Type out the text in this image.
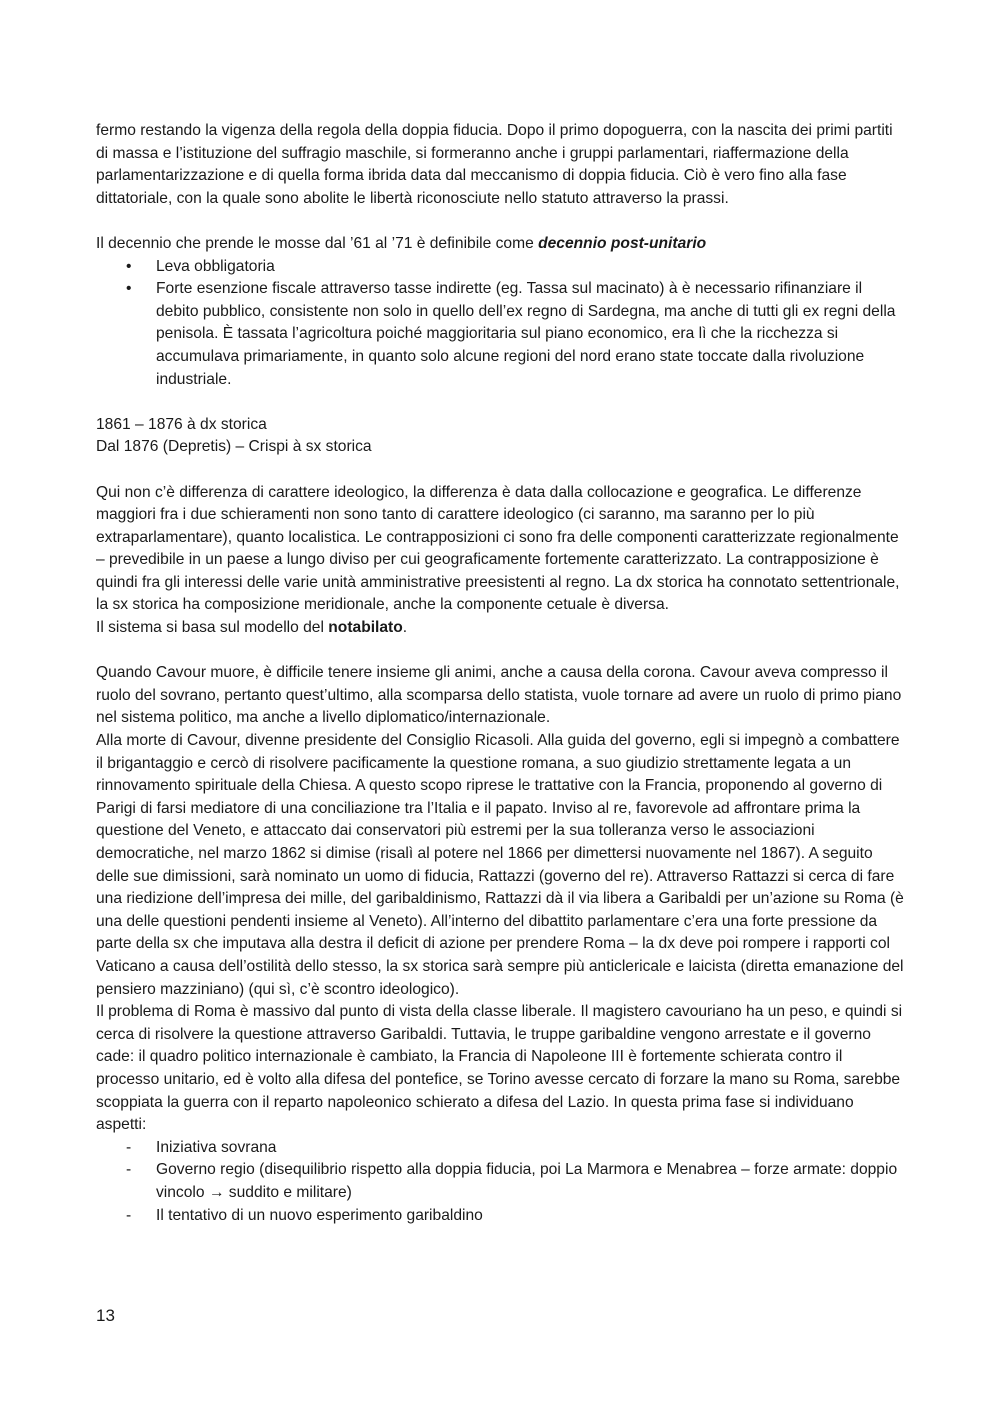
fermo restando la vigenza della regola della doppia fiducia. Dopo il primo dopoguerra, con la nascita dei primi partiti di massa e l’istituzione del suffragio maschile, si formeranno anche i gruppi parlamentari, riaffermazione della parlamentarizzazione e di quella forma ibrida data dal meccanismo di doppia fiducia. Ciò è vero fino alla fase dittatoriale, con la quale sono abolite le libertà riconosciute nello statuto attraverso la prassi.

Il decennio che prende le mosse dal ’61 al ’71 è definibile come decennio post-unitario

• Leva obbligatoria
• Forte esenzione fiscale attraverso tasse indirette (eg. Tassa sul macinato) à è necessario rifinanziare il debito pubblico, consistente non solo in quello dell’ex regno di Sardegna, ma anche di tutti gli ex regni della penisola. È tassata l’agricoltura poiché maggioritaria sul piano economico, era lì che la ricchezza si accumulava primariamente, in quanto solo alcune regioni del nord erano state toccate dalla rivoluzione industriale.

1861 – 1876 à dx storica

Dal 1876 (Depretis) – Crispi à sx storica

Qui non c’è differenza di carattere ideologico, la differenza è data dalla collocazione e geografica. Le differenze maggiori fra i due schieramenti non sono tanto di carattere ideologico (ci saranno, ma saranno per lo più extraparlamentare), quanto localistica. Le contrapposizioni ci sono fra delle componenti caratterizzate regionalmente – prevedibile in un paese a lungo diviso per cui geograficamente fortemente caratterizzato. La contrapposizione è quindi fra gli interessi delle varie unità amministrative preesistenti al regno. La dx storica ha connotato settentrionale, la sx storica ha composizione meridionale, anche la componente cetuale è diversa.

Il sistema si basa sul modello del notabilato.

Quando Cavour muore, è difficile tenere insieme gli animi, anche a causa della corona. Cavour aveva compresso il ruolo del sovrano, pertanto quest’ultimo, alla scomparsa dello statista, vuole tornare ad avere un ruolo di primo piano nel sistema politico, ma anche a livello diplomatico/internazionale.

Alla morte di Cavour, divenne presidente del Consiglio Ricasoli. Alla guida del governo, egli si impegnò a combattere il brigantaggio e cercò di risolvere pacificamente la questione romana, a suo giudizio strettamente legata a un rinnovamento spirituale della Chiesa. A questo scopo riprese le trattative con la Francia, proponendo al governo di Parigi di farsi mediatore di una conciliazione tra l’Italia e il papato. Inviso al re, favorevole ad affrontare prima la questione del Veneto, e attaccato dai conservatori più estremi per la sua tolleranza verso le associazioni democratiche, nel marzo 1862 si dimise (risalì al potere nel 1866 per dimettersi nuovamente nel 1867). A seguito delle sue dimissioni, sarà nominato un uomo di fiducia, Rattazzi (governo del re). Attraverso Rattazzi si cerca di fare una riedizione dell’impresa dei mille, del garibaldinismo, Rattazzi dà il via libera a Garibaldi per un’azione su Roma (è una delle questioni pendenti insieme al Veneto). All’interno del dibattito parlamentare c’era una forte pressione da parte della sx che imputava alla destra il deficit di azione per prendere Roma – la dx deve poi rompere i rapporti col Vaticano a causa dell’ostilità dello stesso, la sx storica sarà sempre più anticlericale e laicista (diretta emanazione del pensiero mazziniano) (qui sì, c’è scontro ideologico).

Il problema di Roma è massivo dal punto di vista della classe liberale. Il magistero cavouriano ha un peso, e quindi si cerca di risolvere la questione attraverso Garibaldi. Tuttavia, le truppe garibaldine vengono arrestate e il governo cade: il quadro politico internazionale è cambiato, la Francia di Napoleone III è fortemente schierata contro il processo unitario, ed è volto alla difesa del pontefice, se Torino avesse cercato di forzare la mano su Roma, sarebbe scoppiata la guerra con il reparto napoleonico schierato a difesa del Lazio. In questa prima fase si individuano aspetti:

- Iniziativa sovrana
- Governo regio (disequilibrio rispetto alla doppia fiducia, poi La Marmora e Menabrea – forze armate: doppio vincolo → suddito e militare)
- Il tentativo di un nuovo esperimento garibaldino
13
